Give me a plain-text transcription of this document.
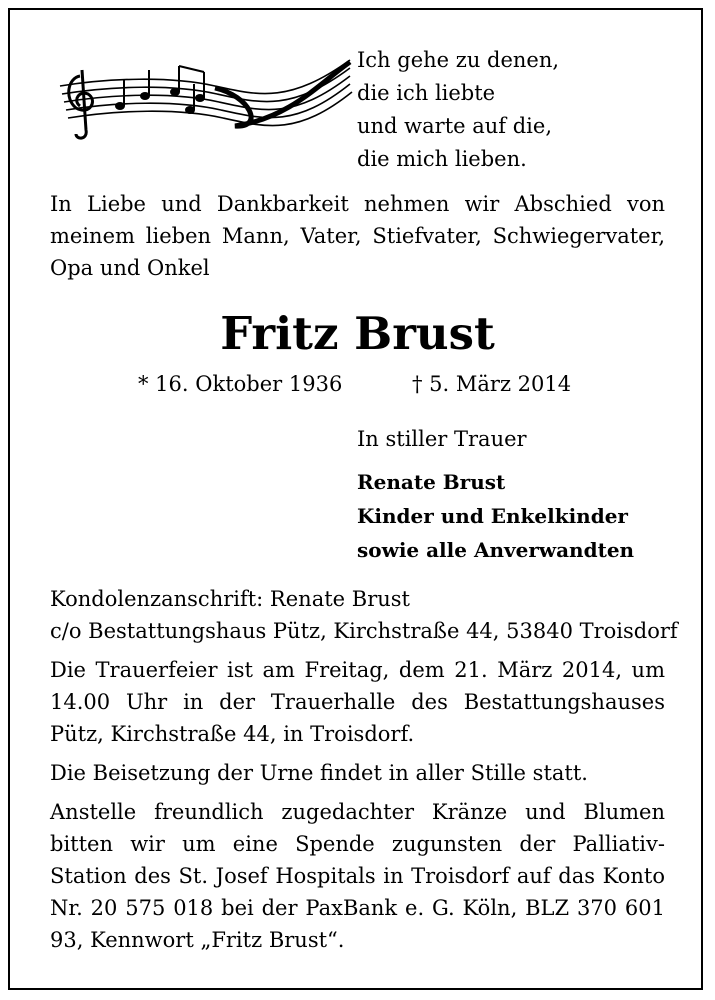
Ich gehe zu denen,
die ich liebte
und warte auf die,
die mich lieben.
In Liebe und Dankbarkeit nehmen wir Abschied von meinem lieben Mann, Vater, Stiefvater, Schwiegervater, Opa und Onkel
Fritz Brust
* 16. Oktober 1936	† 5. März 2014
In stiller Trauer
Renate Brust
Kinder und Enkelkinder
sowie alle Anverwandten

Kondolenzanschrift: Renate Brust

c/o Bestattungshaus Pütz, Kirchstraße 44, 53840 Troisdorf

Die Trauerfeier ist am Freitag, dem 21. März 2014, um 14.00 Uhr in der Trauerhalle des Bestattungshauses Pütz, Kirchstraße 44, in Troisdorf.

Die Beisetzung der Urne findet in aller Stille statt.

Anstelle freundlich zugedachter Kränze und Blumen bitten wir um eine Spende zugunsten der Palliativ-Station des St. Josef Hospitals in Troisdorf auf das Konto Nr. 20 575 018 bei der PaxBank e. G. Köln, BLZ 370 601 93, Kennwort „Fritz Brust“.
